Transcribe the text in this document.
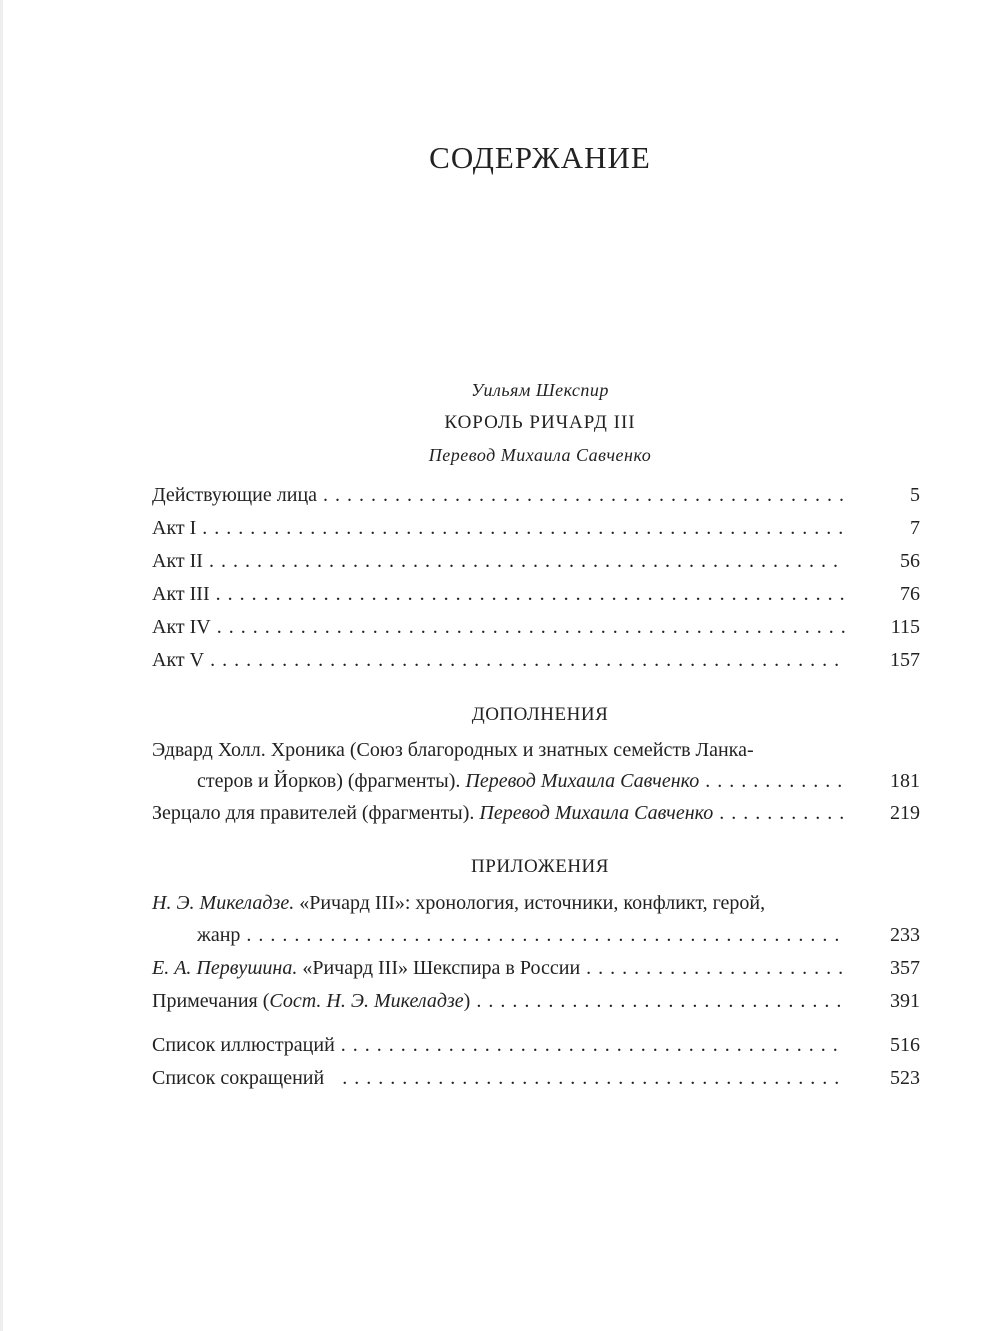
СОДЕРЖАНИЕ
Уильям Шекспир
КОРОЛЬ РИЧАРД III
Перевод Михаила Савченко
Действующие лица . . .	5
Акт I . . .	7
Акт II . . .	56
Акт III . . .	76
Акт IV . . .	115
Акт V . . .	157
ДОПОЛНЕНИЯ
Эдвард Холл. Хроника (Союз благородных и знатных семейств Ланка-
стеров и Йорков) (фрагменты).
Перевод Михаила Савченко . . .	181
Зерцало для правителей (фрагменты).
Перевод Михаила Савченко . . .	219
ПРИЛОЖЕНИЯ
Н. Э. Микеладзе. «Ричард III»: хронология, источники, конфликт, герой,
жанр . . .	233
Е. А. Первушина.
«Ричард III» Шекспира в России . . .	357
Примечания ( Сост. Н. Э. Микеладзе ) . . .	391
Список иллюстраций . . .	516
Список сокращений . . .	523
